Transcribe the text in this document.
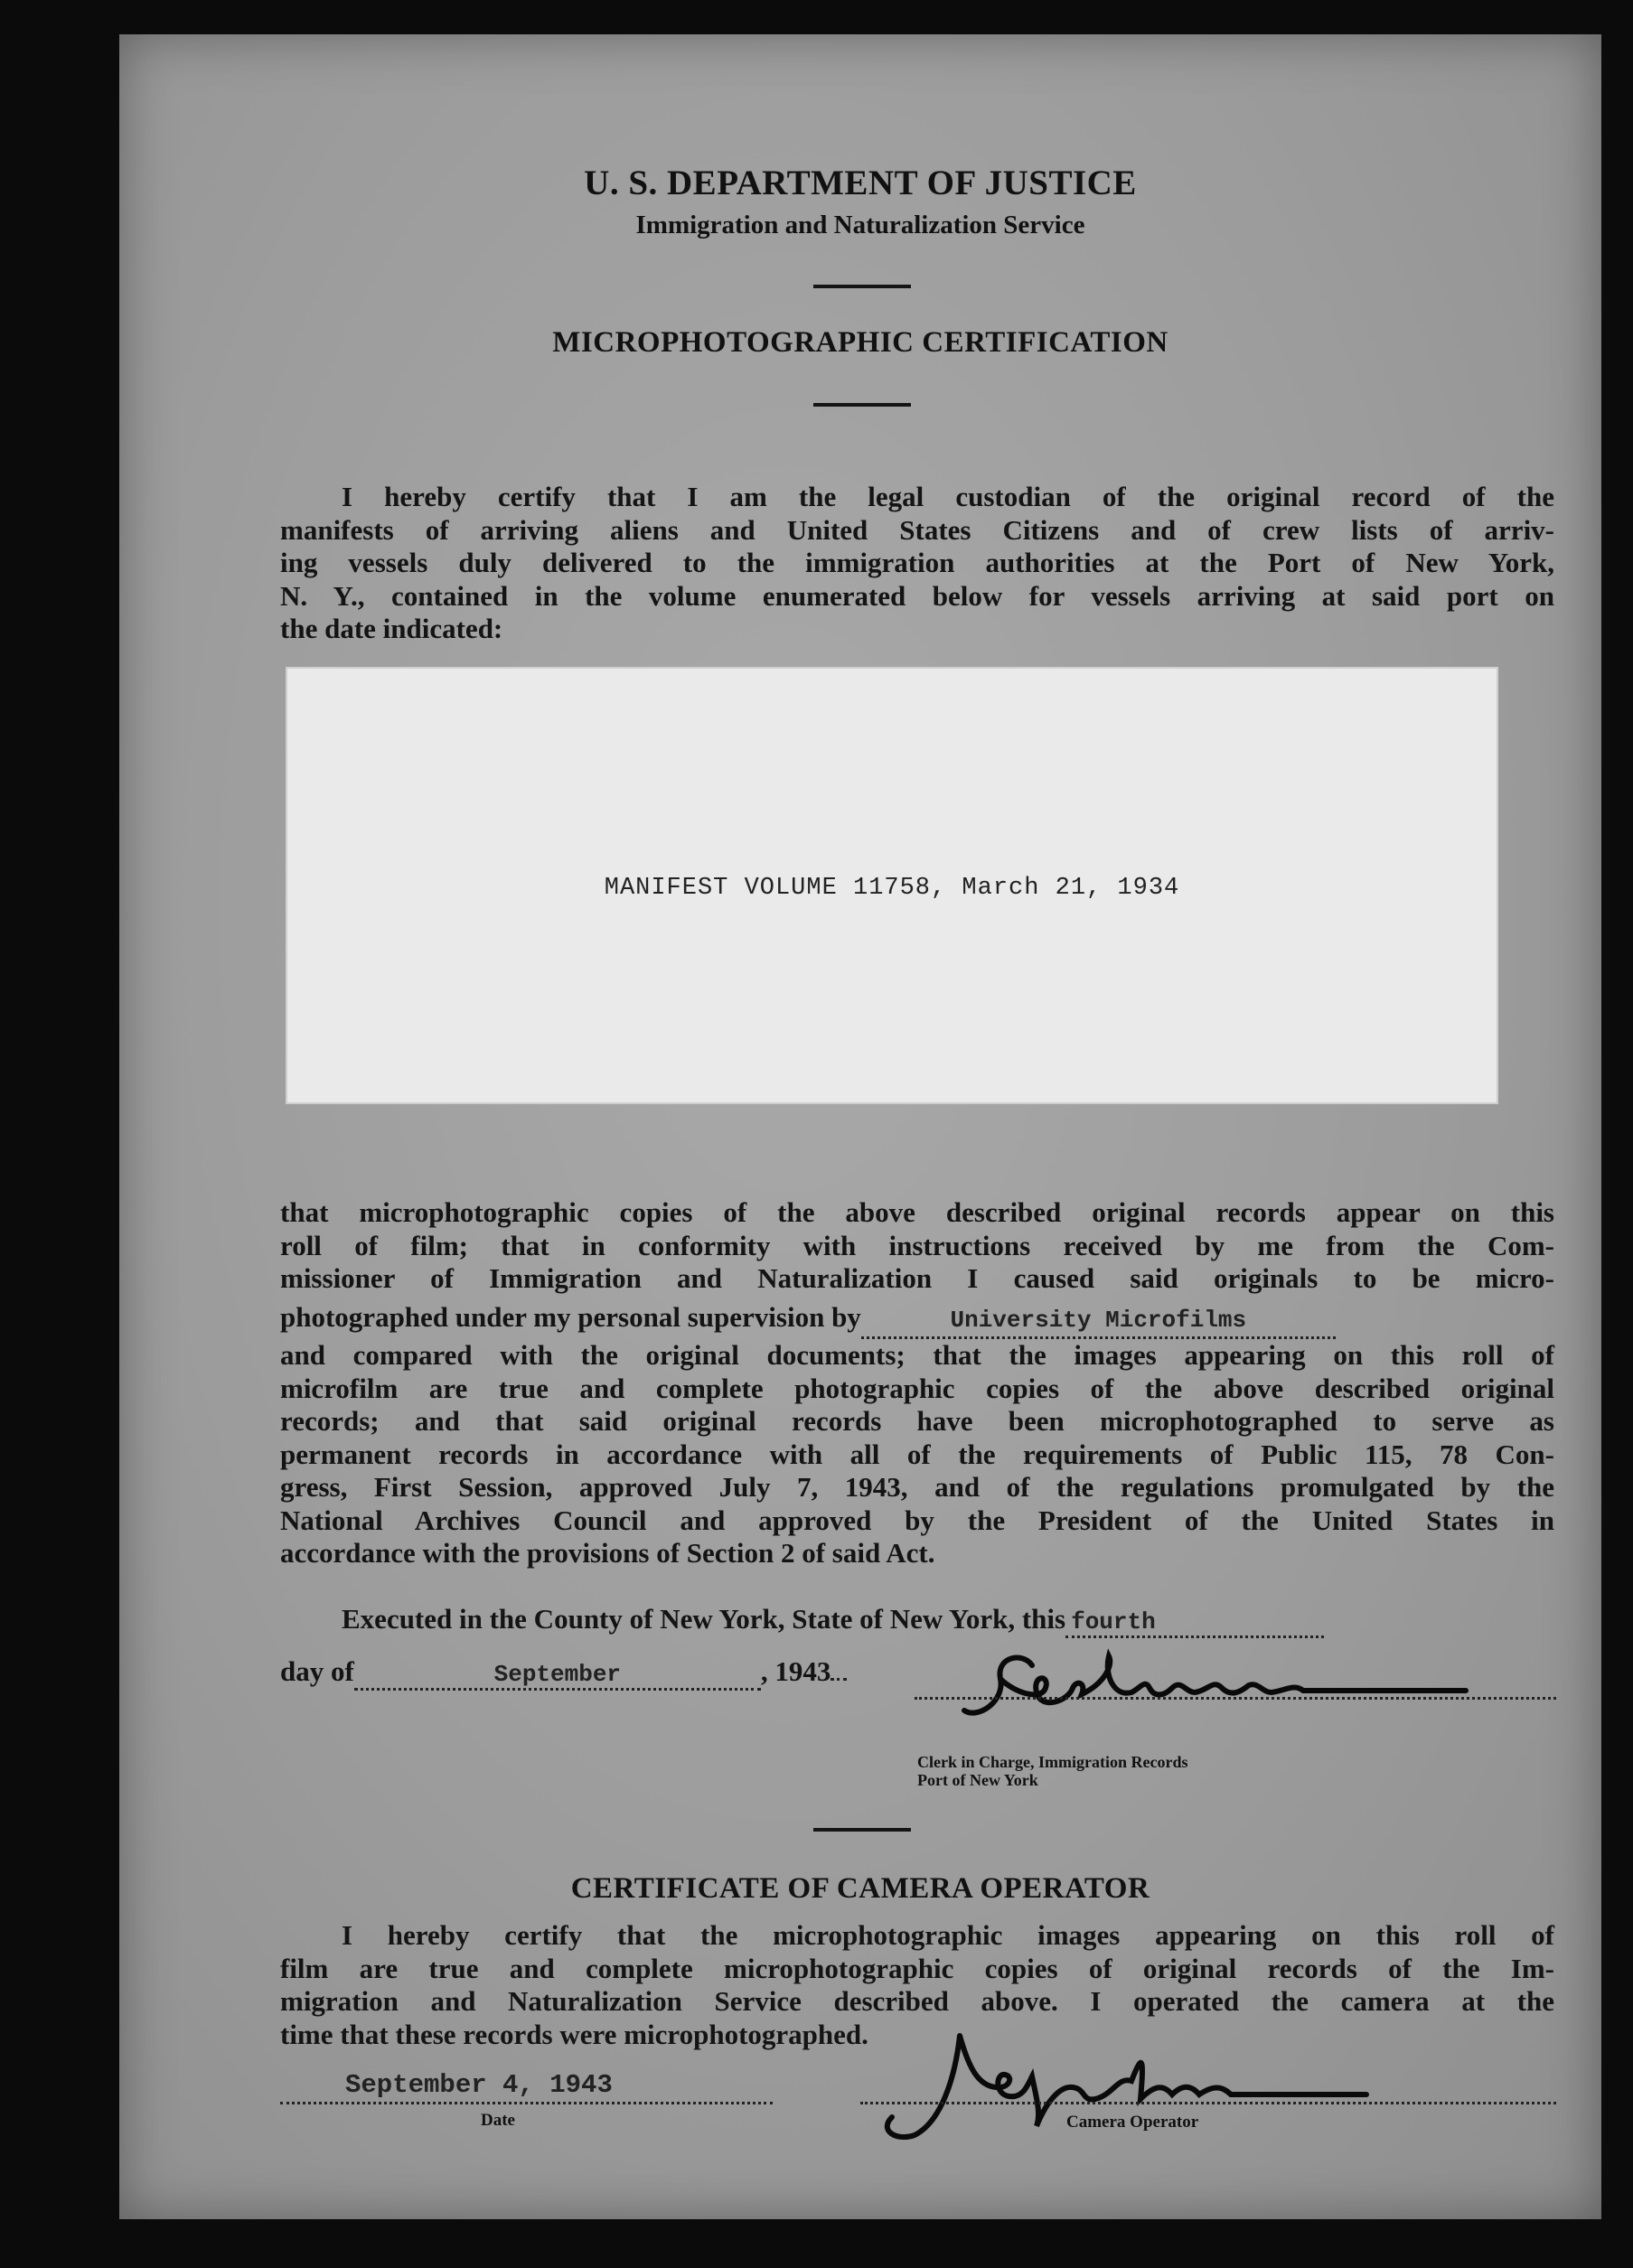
U. S. DEPARTMENT OF JUSTICE
Immigration and Naturalization Service
MICROPHOTOGRAPHIC CERTIFICATION
I hereby certify that I am the legal custodian of the original record of the
manifests of arriving aliens and United States Citizens and of crew lists of arriv-
ing vessels duly delivered to the immigration authorities at the Port of New York,
N. Y., contained in the volume enumerated below for vessels arriving at said port on
the date indicated:
MANIFEST VOLUME 11758, March 21, 1934
that microphotographic copies of the above described original records appear on this
roll of film; that in conformity with instructions received by me from the Com-
missioner of Immigration and Naturalization I caused said originals to be micro-
photographed under my personal supervision by	University Microfilms
and compared with the original documents; that the images appearing on this roll of
microfilm are true and complete photographic copies of the above described original
records; and that said original records have been microphotographed to serve as
permanent records in accordance with all of the requirements of Public 115, 78 Con-
gress, First Session, approved July 7, 1943, and of the regulations promulgated by the
National Archives Council and approved by the President of the United States in
accordance with the provisions of Section 2 of said Act.
Executed in the County of New York, State of New York, this fourth
day of	September	, 1943
Clerk in Charge, Immigration Records
Port of New York
CERTIFICATE OF CAMERA OPERATOR
I hereby certify that the microphotographic images appearing on this roll of
film are true and complete microphotographic copies of original records of the Im-
migration and Naturalization Service described above. I operated the camera at the
time that these records were microphotographed.
September 4, 1943
Date	Camera Operator
